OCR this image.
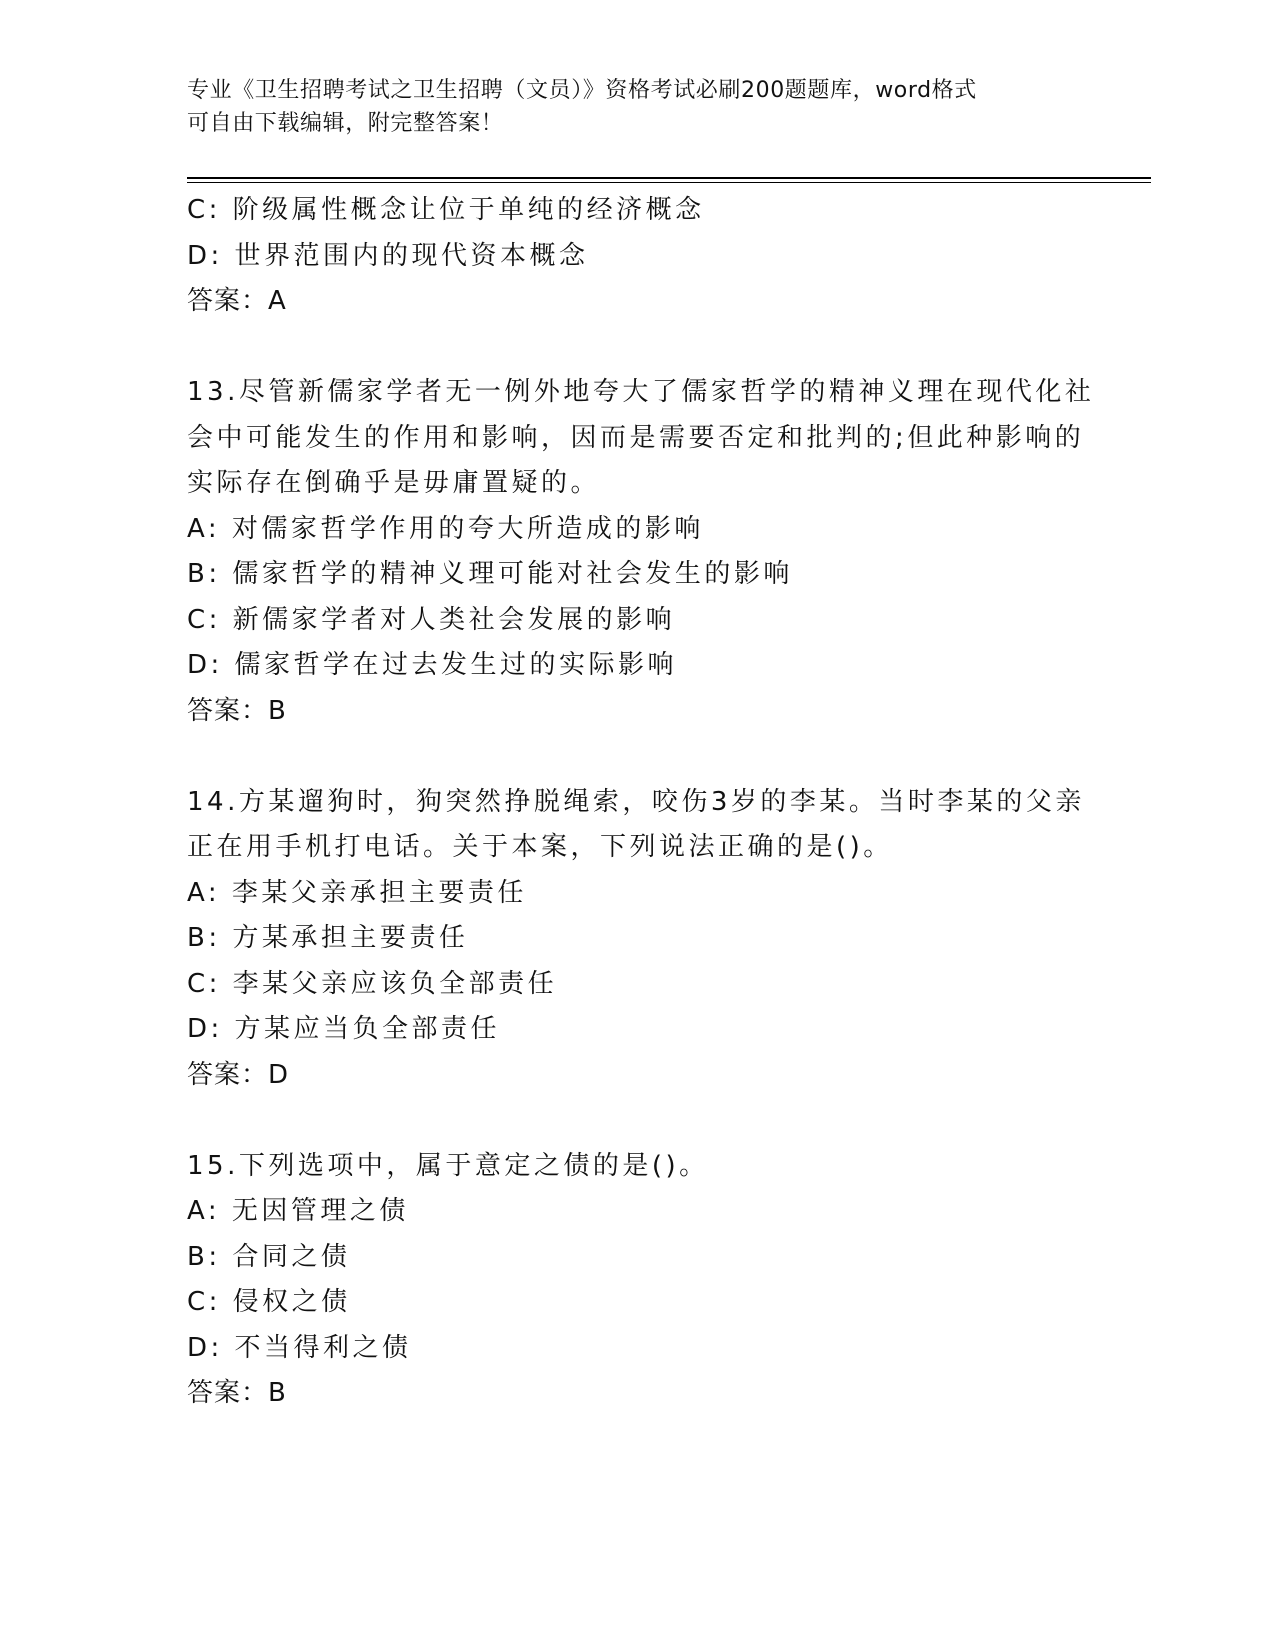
专业《卫生招聘考试之卫生招聘（文员）》资格考试必刷200题题库，word格式
可自由下载编辑，附完整答案！
C: 阶级属性概念让位于单纯的经济概念
D: 世界范围内的现代资本概念
答案：A
13.尽管新儒家学者无一例外地夸大了儒家哲学的精神义理在现代化社
会中可能发生的作用和影响，因而是需要否定和批判的;但此种影响的
实际存在倒确乎是毋庸置疑的。
A: 对儒家哲学作用的夸大所造成的影响
B: 儒家哲学的精神义理可能对社会发生的影响
C: 新儒家学者对人类社会发展的影响
D: 儒家哲学在过去发生过的实际影响
答案：B
14.方某遛狗时，狗突然挣脱绳索，咬伤3岁的李某。当时李某的父亲
正在用手机打电话。关于本案，下列说法正确的是()。
A: 李某父亲承担主要责任
B: 方某承担主要责任
C: 李某父亲应该负全部责任
D: 方某应当负全部责任
答案：D
15.下列选项中，属于意定之债的是()。
A: 无因管理之债
B: 合同之债
C: 侵权之债
D: 不当得利之债
答案：B
